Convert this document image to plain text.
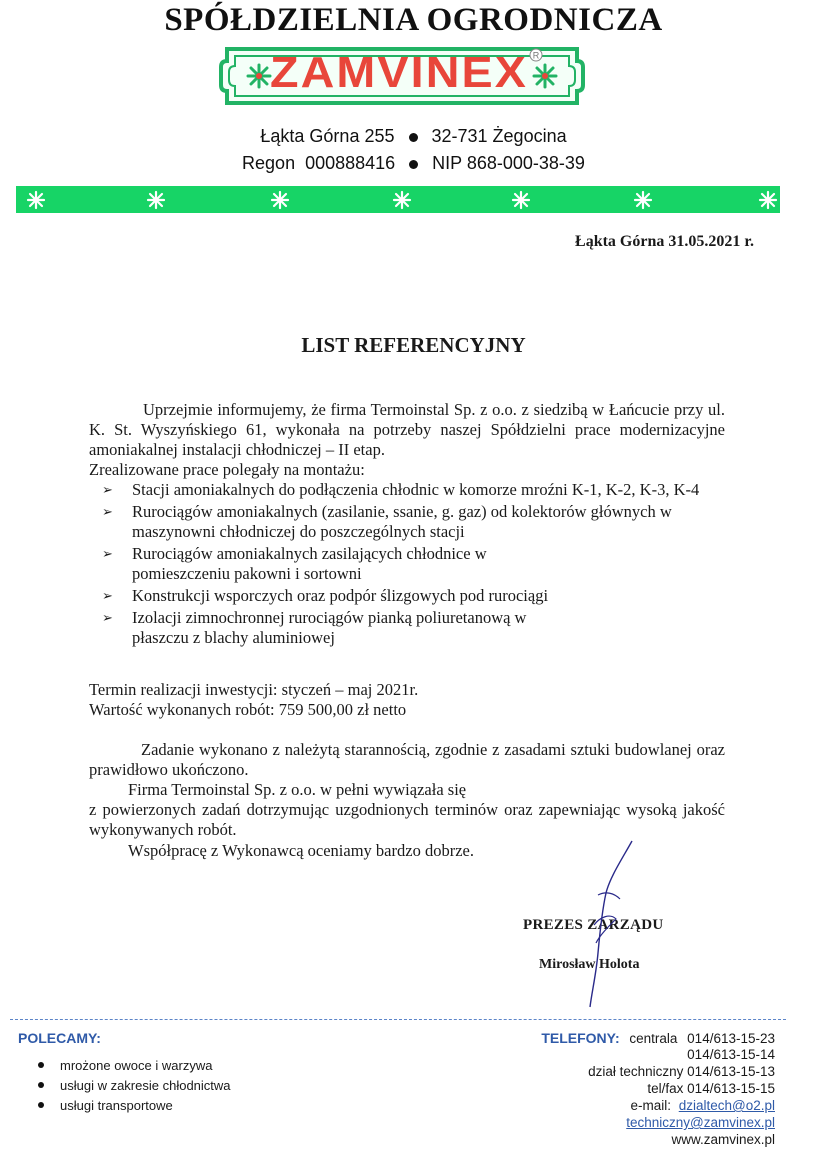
SPÓŁDZIELNIA OGRODNICZA
R
ZAMVINEX
Łąkta Górna 255 32-731 Żegocina
Regon  000888416 NIP 868-000-38-39
Łąkta Górna 31.05.2021 r.
LIST REFERENCYJNY
Uprzejmie informujemy, że firma Termoinstal Sp. z o.o. z siedzibą w Łańcucie przy ul. K. St. Wyszyńskiego 61, wykonała na potrzeby naszej Spółdzielni prace modernizacyjne amoniakalnej instalacji chłodniczej – II etap.
Zrealizowane prace polegały na montażu:
➢ Stacji amoniakalnych do podłączenia chłodnic w komorze mroźni K-1, K-2, K-3, K-4
➢ Rurociągów amoniakalnych (zasilanie, ssanie, g. gaz) od kolektorów głównych w maszynowni chłodniczej do poszczególnych stacji
➢ Rurociągów amoniakalnych zasilających chłodnice w pomieszczeniu pakowni i sortowni
➢ Konstrukcji wsporczych oraz podpór ślizgowych pod rurociągi
➢ Izolacji zimnochronnej rurociągów pianką poliuretanową w płaszczu z blachy aluminiowej
Termin realizacji inwestycji: styczeń – maj 2021r.
Wartość wykonanych robót: 759 500,00 zł netto
Zadanie wykonano z należytą starannością, zgodnie z zasadami sztuki budowlanej oraz prawidłowo ukończono.
Firma Termoinstal Sp. z o.o. w pełni wywiązała się
z powierzonych zadań dotrzymując uzgodnionych terminów oraz zapewniając wysoką jakość wykonywanych robót.
Współpracę z Wykonawcą oceniamy bardzo dobrze.
PREZES ZARZĄDU
Mirosław Holota
POLECAMY:
mrożone owoce i warzywa
usługi w zakresie chłodnictwa
usługi transportowe
TELEFONY: centrala 014/613-15-23
014/613-15-14
dział techniczny 014/613-15-13
tel/fax 014/613-15-15
e-mail: dzialtech@o2.pl
techniczny@zamvinex.pl
www.zamvinex.pl
